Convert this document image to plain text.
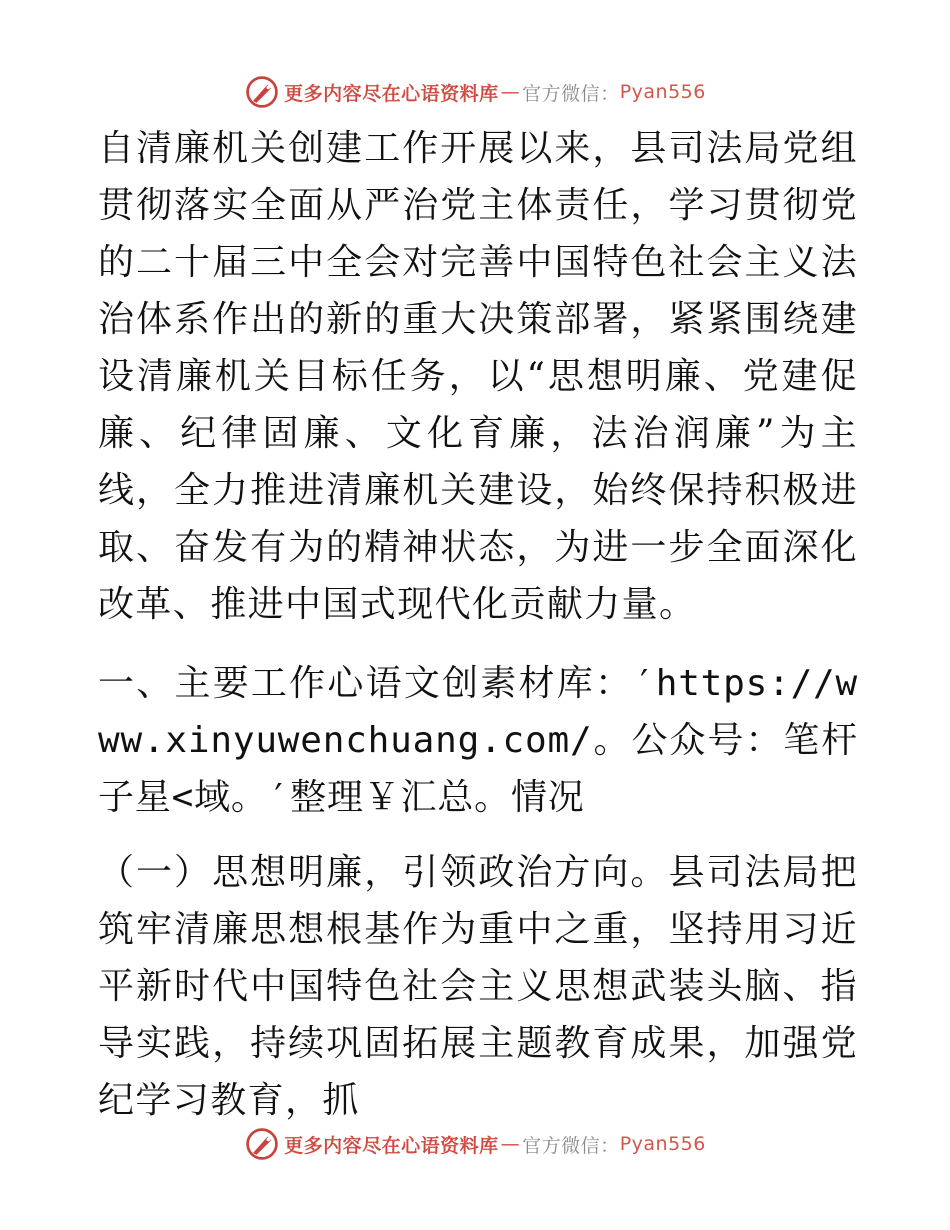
更多内容尽在心语资料库 — 官方微信： Pyan556

自清廉机关创建工作开展以来，县司法局党组贯彻落实全面从严治党主体责任，学习贯彻党的二十届三中全会对完善中国特色社会主义法治体系作出的新的重大决策部署，紧紧围绕建设清廉机关目标任务，以“思想明廉、党建促廉、纪律固廉、文化育廉，法治润廉”为主线，全力推进清廉机关建设，始终保持积极进取、奋发有为的精神状态，为进一步全面深化改革、推进中国式现代化贡献力量。

一、主要工作心语文创素材库：′https://www.xinyuwenchuang.com/。公众号：笔杆子星<域。′整理￥汇总。情况

（一）思想明廉，引领政治方向。县司法局把筑牢清廉思想根基作为重中之重，坚持用习近平新时代中国特色社会主义思想武装头脑、指导实践，持续巩固拓展主题教育成果，加强党纪学习教育，抓

更多内容尽在心语资料库 — 官方微信： Pyan556
